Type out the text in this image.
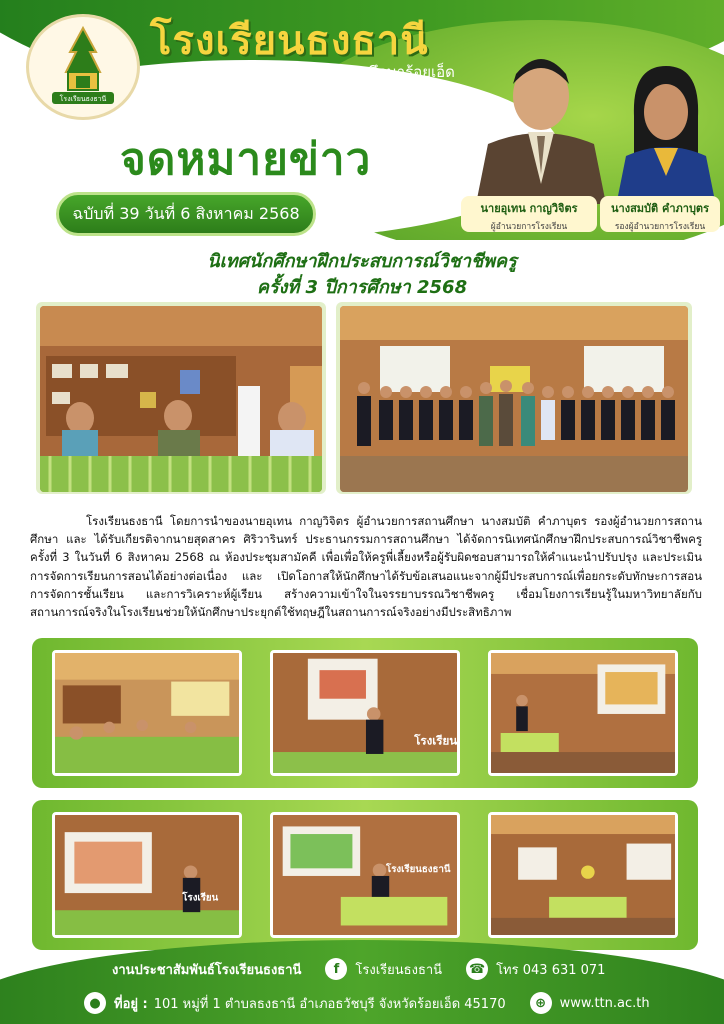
โรงเรียนธงธานี
โรงเรียนธงธานี
สำนักงานเขตพื้นที่การศึกษามัธยมศึกษาร้อยเอ็ด
จดหมายข่าว
ฉบับที่ 39 วันที่ 6 สิงหาคม 2568	นายอุเทน กาญวิจิตร
ผู้อำนวยการโรงเรียน
นางสมบัติ คำภาบุตร
รองผู้อำนวยการโรงเรียน
นิเทศนักศึกษาฝึกประสบการณ์วิชาชีพครู
ครั้งที่ 3 ปีการศึกษา 2568

โรงเรียนธงธานี โดยการนำของนายอุเทน กาญวิจิตร ผู้อำนวยการสถานศึกษา นางสมบัติ คำภาบุตร รองผู้อำนวยการสถานศึกษา และ ได้รับเกียรติจากนายสุดสาคร ศิริวารินทร์ ประธานกรรมการสถานศึกษา ได้จัดการนิเทศนักศึกษาฝึกประสบการณ์วิชาชีพครู ครั้งที่ 3 ในวันที่ 6 สิงหาคม 2568 ณ ห้องประชุมสามัคคี เพื่อเพื่อให้ครูพี่เลี้ยงหรือผู้รับผิดชอบสามารถให้คำแนะนำปรับปรุง และประเมินการจัดการเรียนการสอนได้อย่างต่อเนื่อง และ เปิดโอกาสให้นักศึกษาได้รับข้อเสนอแนะจากผู้มีประสบการณ์เพื่อยกระดับทักษะการสอน การจัดการชั้นเรียน และการวิเคราะห์ผู้เรียน สร้างความเข้าใจในจรรยาบรรณวิชาชีพครู เชื่อมโยงการเรียนรู้ในมหาวิทยาลัยกับสถานการณ์จริงในโรงเรียนช่วยให้นักศึกษาประยุกต์ใช้ทฤษฎีในสถานการณ์จริงอย่างมีประสิทธิภาพ

โรงเรียน
โรงเรียน
โรงเรียนธงธานี
งานประชาสัมพันธ์โรงเรียนธงธานี	f	โรงเรียนธงธานี ☎ โทร 043 631 071
●	ที่อยู่ : 101 หมู่ที่ 1 ตำบลธงธานี อำเภอธวัชบุรี จังหวัดร้อยเอ็ด 45170	⊕	www.ttn.ac.th
